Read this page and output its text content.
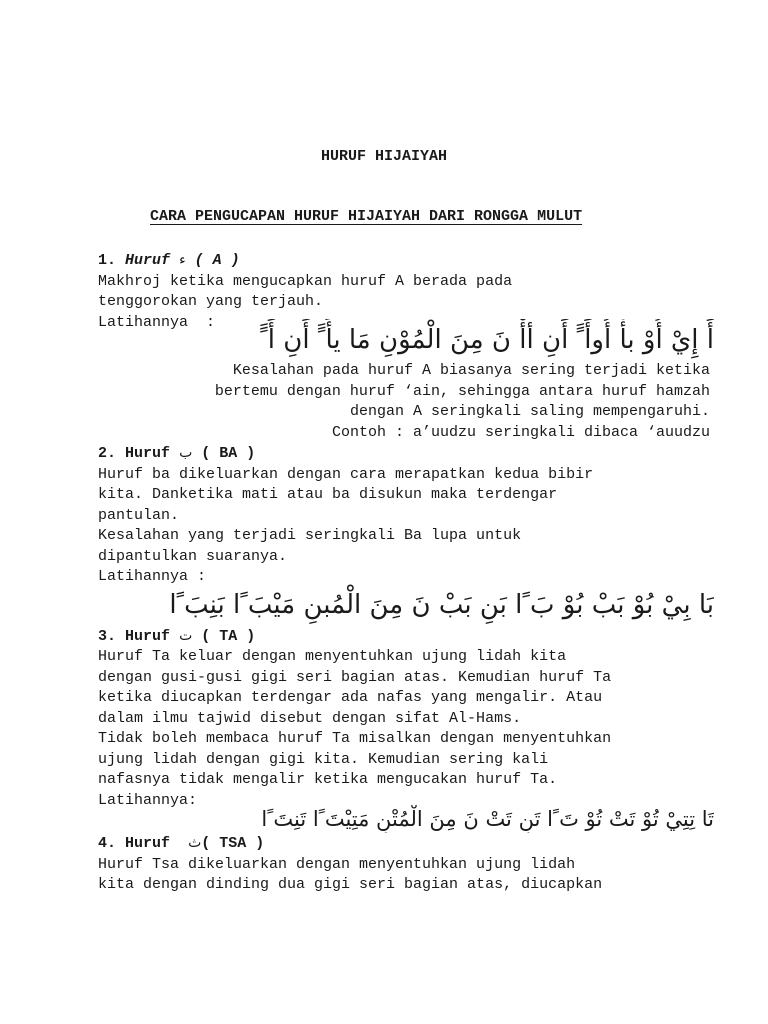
HURUF HIJAIYAH
CARA PENGUCAPAN HURUF HIJAIYAH DARI RONGGA MULUT
1. Huruf ء ( A )
Makhroj ketika mengucapkan huruf A berada pada
tenggorokan yang terjauh.
Latihannya  :
أَ إِيْ أُوْ بأْ أُوأَ ًَ أَنِ أأْ نَ مِنَ الْمُوْنِ مَا يأَ ًَ أَنِ أَ ًَ
Kesalahan pada huruf A biasanya sering terjadi ketika
bertemu dengan huruf ‘ain, sehingga antara huruf hamzah
dengan A seringkali saling mempengaruhi.
Contoh : a’uudzu seringkali dibaca ‘auudzu
2. Huruf ب ( BA )
Huruf ba dikeluarkan dengan cara merapatkan kedua bibir
kita. Danketika mati atau ba disukun maka terdengar
pantulan.
Kesalahan yang terjadi seringkali Ba lupa untuk
dipantulkan suaranya.
Latihannya :
بَا بِيْ بُوْ بَبْ بُوْ بَ ًا بَنِ بَبْ نَ مِنَ الْمُبنِ مَيْبَ ًا بَنِبَ ًا
3. Huruf ت ( TA )
Huruf Ta keluar dengan menyentuhkan ujung lidah kita
dengan gusi-gusi gigi seri bagian atas. Kemudian huruf Ta
ketika diucapkan terdengar ada nafas yang mengalir. Atau
dalam ilmu tajwid disebut dengan sifat Al-Hams.
Tidak boleh membaca huruf Ta misalkan dengan menyentuhkan
ujung lidah dengan gigi kita. Kemudian sering kali
nafasnya tidak mengalir ketika mengucakan huruf Ta.
Latihannya:
تَا تِتِيْ تُوْ تَتْ تُوْ تَ ًا تَنِ تَتْ نَ مِنَ الْمُتْنِ مَتِيْتَ ًا تَنِتَ ًا
4. Huruf ث( TSA )
Huruf Tsa dikeluarkan dengan menyentuhkan ujung lidah
kita dengan dinding dua gigi seri bagian atas, diucapkan
